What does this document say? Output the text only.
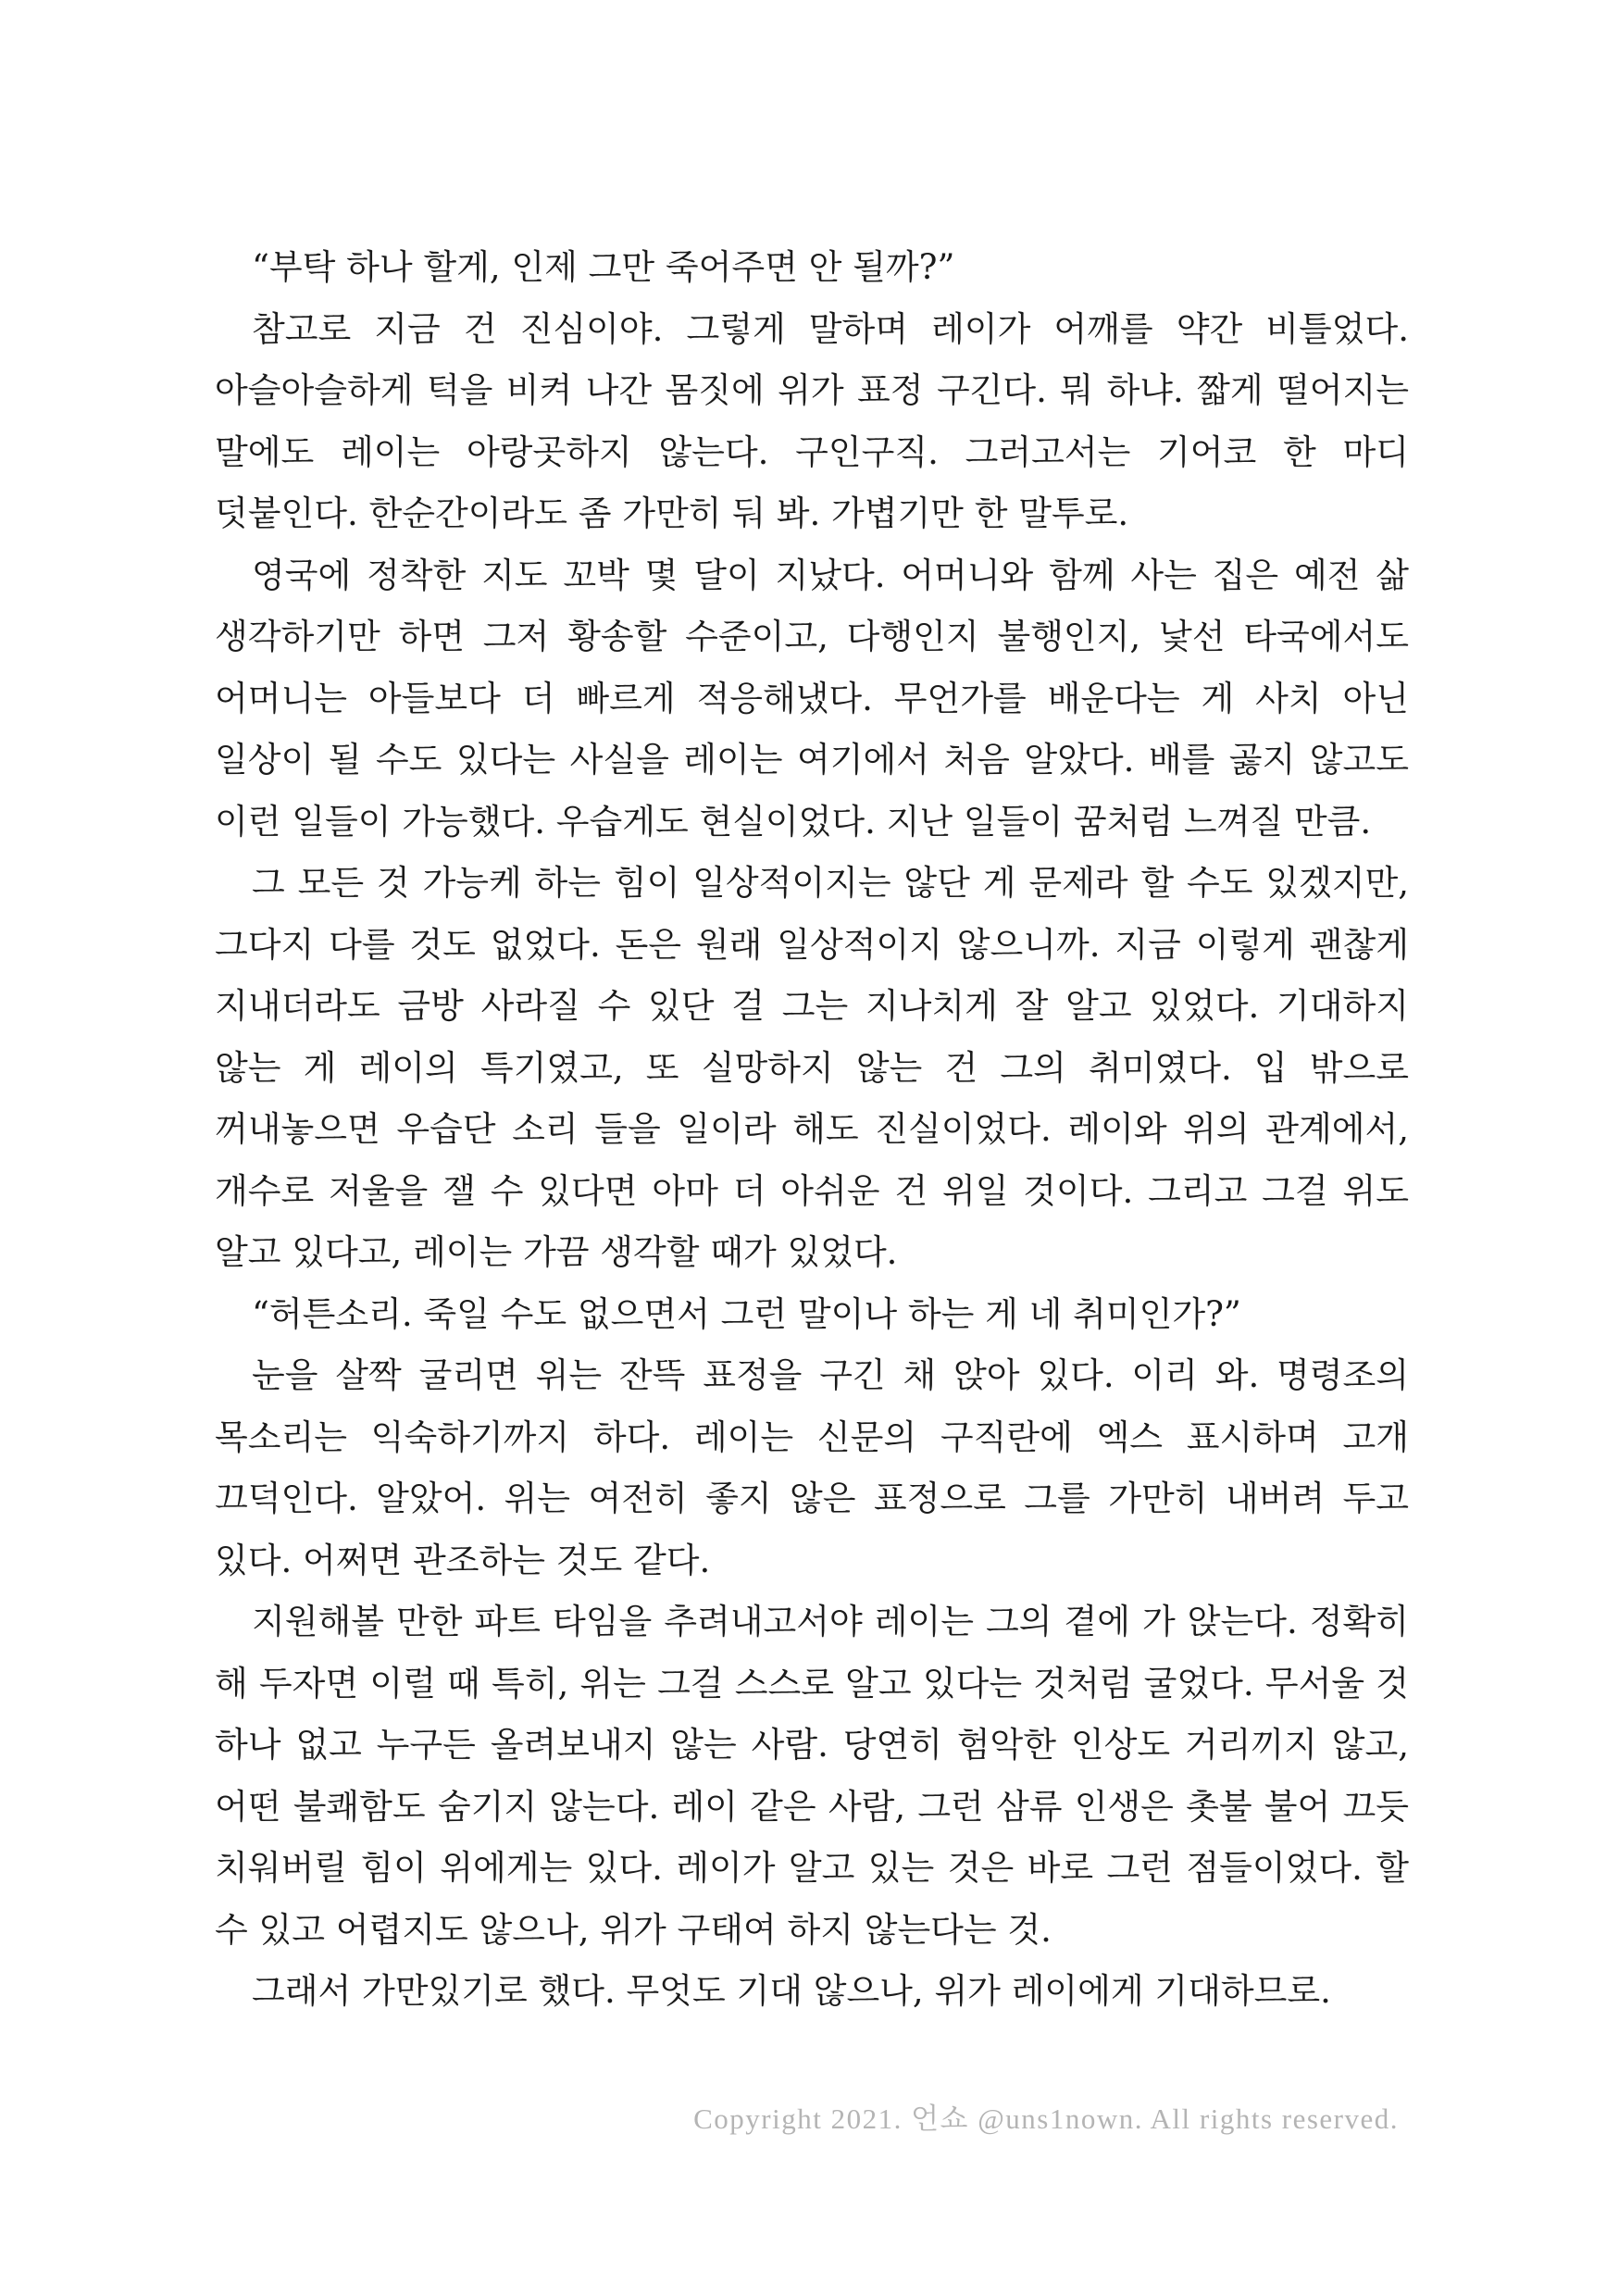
“부탁 하나 할게, 인제 그만 죽어주면 안 될까?”

참고로 지금 건 진심이야. 그렇게 말하며 레이가 어깨를 약간 비틀었다. 아슬아슬하게 턱을 비켜 나간 몸짓에 위가 표정 구긴다. 뭐 하냐. 짧게 떨어지는 말에도 레이는 아랑곳하지 않는다. 구인구직. 그러고서는 기어코 한 마디 덧붙인다. 한순간이라도 좀 가만히 둬 봐. 가볍기만 한 말투로.

영국에 정착한 지도 꼬박 몇 달이 지났다. 어머니와 함께 사는 집은 예전 삶 생각하기만 하면 그저 황송할 수준이고, 다행인지 불행인지, 낯선 타국에서도 어머니는 아들보다 더 빠르게 적응해냈다. 무언가를 배운다는 게 사치 아닌 일상이 될 수도 있다는 사실을 레이는 여기에서 처음 알았다. 배를 곯지 않고도 이런 일들이 가능했다. 우습게도 현실이었다. 지난 일들이 꿈처럼 느껴질 만큼.

그 모든 것 가능케 하는 힘이 일상적이지는 않단 게 문제라 할 수도 있겠지만, 그다지 다를 것도 없었다. 돈은 원래 일상적이지 않으니까. 지금 이렇게 괜찮게 지내더라도 금방 사라질 수 있단 걸 그는 지나치게 잘 알고 있었다. 기대하지 않는 게 레이의 특기였고, 또 실망하지 않는 건 그의 취미였다. 입 밖으로 꺼내놓으면 우습단 소리 들을 일이라 해도 진실이었다. 레이와 위의 관계에서, 개수로 저울을 잴 수 있다면 아마 더 아쉬운 건 위일 것이다. 그리고 그걸 위도 알고 있다고, 레이는 가끔 생각할 때가 있었다.

“허튼소리. 죽일 수도 없으면서 그런 말이나 하는 게 네 취미인가?”

눈을 살짝 굴리면 위는 잔뜩 표정을 구긴 채 앉아 있다. 이리 와. 명령조의 목소리는 익숙하기까지 하다. 레이는 신문의 구직란에 엑스 표시하며 고개 끄덕인다. 알았어. 위는 여전히 좋지 않은 표정으로 그를 가만히 내버려 두고 있다. 어쩌면 관조하는 것도 같다.

지원해볼 만한 파트 타임을 추려내고서야 레이는 그의 곁에 가 앉는다. 정확히 해 두자면 이럴 때 특히, 위는 그걸 스스로 알고 있다는 것처럼 굴었다. 무서울 것 하나 없고 누구든 올려보내지 않는 사람. 당연히 험악한 인상도 거리끼지 않고, 어떤 불쾌함도 숨기지 않는다. 레이 같은 사람, 그런 삼류 인생은 촛불 불어 끄듯 치워버릴 힘이 위에게는 있다. 레이가 알고 있는 것은 바로 그런 점들이었다. 할 수 있고 어렵지도 않으나, 위가 구태여 하지 않는다는 것.

그래서 가만있기로 했다. 무엇도 기대 않으나, 위가 레이에게 기대하므로.

Copyright 2021. 언쇼 @uns1nown. All rights reserved.
